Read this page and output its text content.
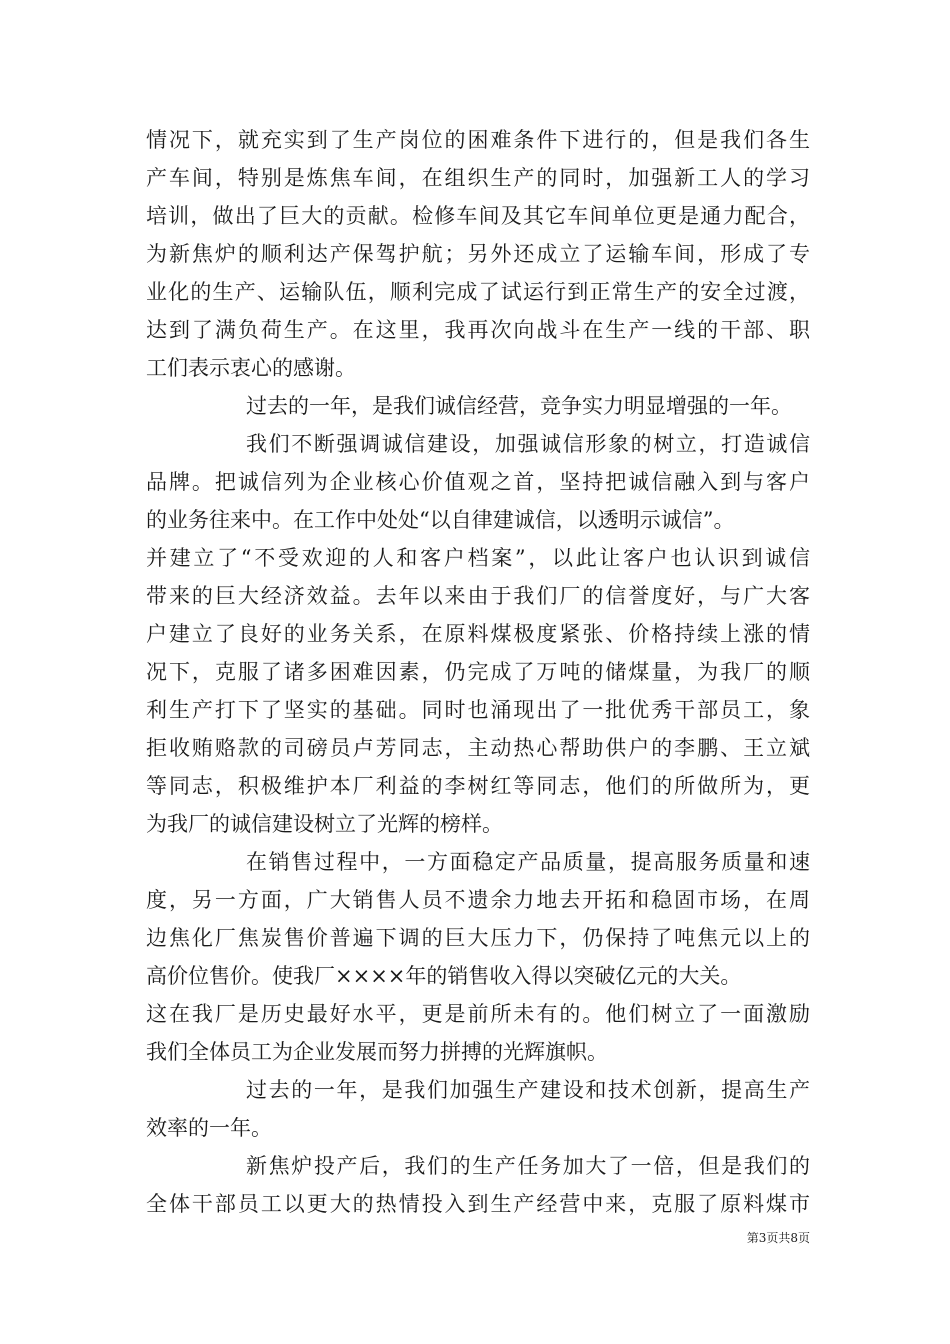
情况下，就充实到了生产岗位的困难条件下进行的，但是我们各生
产车间，特别是炼焦车间，在组织生产的同时，加强新工人的学习
培训，做出了巨大的贡献。检修车间及其它车间单位更是通力配合，
为新焦炉的顺利达产保驾护航；另外还成立了运输车间，形成了专
业化的生产、运输队伍，顺利完成了试运行到正常生产的安全过渡，
达到了满负荷生产。在这里，我再次向战斗在生产一线的干部、职
工们表示衷心的感谢。
过去的一年，是我们诚信经营，竞争实力明显增强的一年。
我们不断强调诚信建设，加强诚信形象的树立，打造诚信
品牌。把诚信列为企业核心价值观之首，坚持把诚信融入到与客户
的业务往来中。在工作中处处“以自律建诚信，以透明示诚信”。
并建立了“不受欢迎的人和客户档案”，以此让客户也认识到诚信
带来的巨大经济效益。去年以来由于我们厂的信誉度好，与广大客
户建立了良好的业务关系，在原料煤极度紧张、价格持续上涨的情
况下，克服了诸多困难因素，仍完成了万吨的储煤量，为我厂的顺
利生产打下了坚实的基础。同时也涌现出了一批优秀干部员工，象
拒收贿赂款的司磅员卢芳同志，主动热心帮助供户的李鹏、王立斌
等同志，积极维护本厂利益的李树红等同志，他们的所做所为，更
为我厂的诚信建设树立了光辉的榜样。
在销售过程中，一方面稳定产品质量，提高服务质量和速
度，另一方面，广大销售人员不遗余力地去开拓和稳固市场，在周
边焦化厂焦炭售价普遍下调的巨大压力下，仍保持了吨焦元以上的
高价位售价。使我厂××××年的销售收入得以突破亿元的大关。
这在我厂是历史最好水平，更是前所未有的。他们树立了一面激励
我们全体员工为企业发展而努力拼搏的光辉旗帜。
过去的一年，是我们加强生产建设和技术创新，提高生产
效率的一年。
新焦炉投产后，我们的生产任务加大了一倍，但是我们的
全体干部员工以更大的热情投入到生产经营中来，克服了原料煤市
第3页共8页
